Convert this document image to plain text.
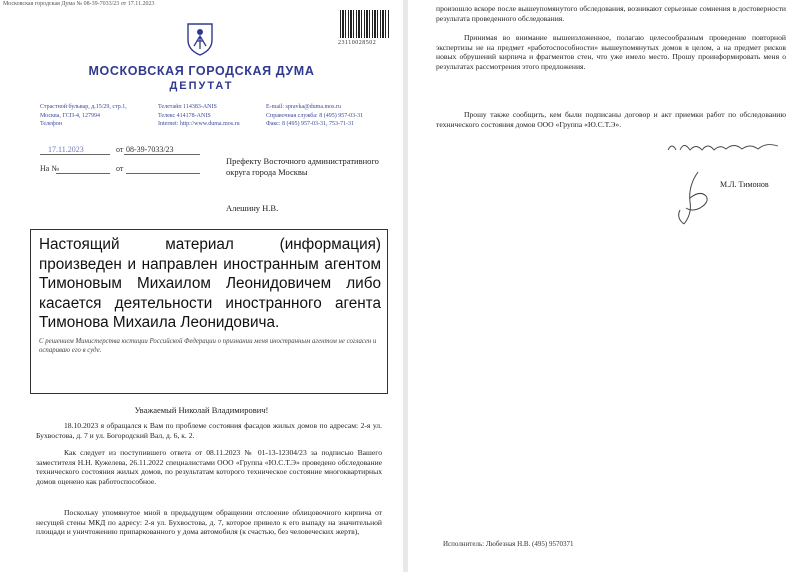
Московская городская Дума № 08-39-7033/23 от 17.11.2023
23110028502
МОСКОВСКАЯ ГОРОДСКАЯ ДУМА
ДЕПУТАТ
Страстной бульвар, д.15/29, стр.1,
Москва, ГСП-4, 127994
Телефон
Телетайп 114383-ANIS
Телекс 414178-ANIS
Internet: http://www.duma.mos.ru
E-mail: spravka@duma.mos.ru
Справочная служба: 8 (495) 957-03-31
Факс: 8 (495) 957-03-31, 753-71-31
17.11.2023	от 08-39-7033/23
На №	от
Префекту Восточного административного округа города Москвы
Алешину Н.В.
Настоящий материал (информация) произведен и направлен иностранным агентом Тимоновым Михаилом Леонидовичем либо касается деятельности иностранного агента Тимонова Михаила Леонидовича.
С решением Министерства юстиции Российской Федерации о признании меня иностранным агентом не согласен и оспариваю его в суде.
Уважаемый Николай Владимирович!
18.10.2023 я обращался к Вам по проблеме состояния фасадов жилых домов по адресам: 2-я ул. Бухвостова, д. 7 и ул. Богородский Вал, д. 6, к. 2.
Как следует из поступившего ответа от 08.11.2023 № 01-13-12304/23 за подписью Вашего заместителя Н.Н. Кужелева, 26.11.2022 специалистами ООО «Группа «Ю.С.Т.Э» проведено обследование технического состояния жилых домов, по результатам которого техническое состояние многоквартирных домов оценено как работоспособное.
Поскольку упомянутое мной в предыдущем обращении отслоение облицовочного кирпича от несущей стены МКД по адресу: 2-я ул. Бухвостова, д. 7, которое привело к его выпаду на значительной площади и уничтожению припаркованного у дома автомобиля (к счастью, без человеческих жертв),
произошло вскоре после вышеупомянутого обследования, возникают серьезные сомнения в достоверности результата проведенного обследования.
Принимая во внимание вышеизложенное, полагаю целесообразным проведение повторной экспертизы не на предмет «работоспособности» вышеупомянутых домов в целом, а на предмет рисков новых обрушений кирпича и фрагментов стен, что уже имело место. Прошу проинформировать меня о результатах рассмотрения этого предложения.
Прошу также сообщить, кем были подписаны договор и акт приемки работ по обследованию технического состояния домов ООО «Группа «Ю.С.Т.Э».
М.Л. Тимонов
Исполнитель: Любезная Н.В. (495) 9570371
